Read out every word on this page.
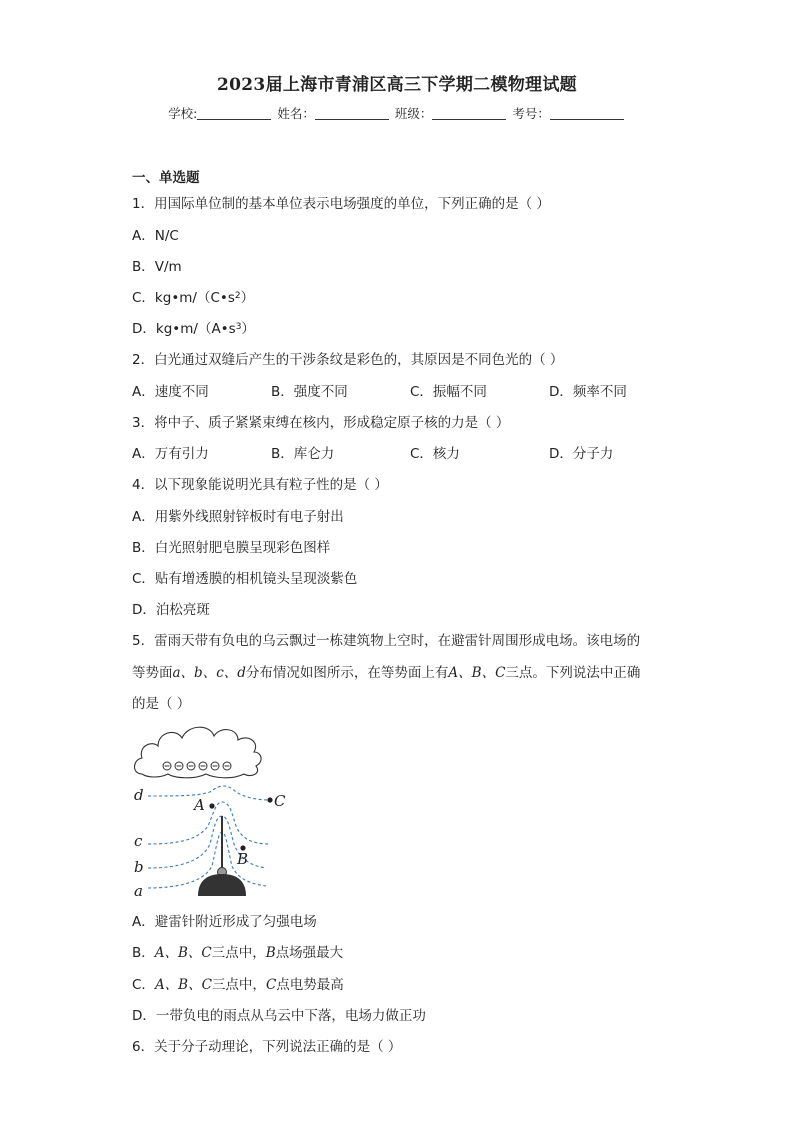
2023届上海市青浦区高三下学期二模物理试题
学校:	姓名：	班级：	考号：
一、单选题
1．用国际单位制的基本单位表示电场强度的单位，下列正确的是（ ）
A．N/C
B．V/m
C．$kg•m/(C•s^2)$
D．$kg•m/(A•s^3)$
2．白光通过双缝后产生的干涉条纹是彩色的，其原因是不同色光的（ ）
A．速度不同	B．强度不同	C．振幅不同	D．频率不同
3．将中子、质子紧紧束缚在核内，形成稳定原子核的力是（ ）
A．万有引力	B．库仑力	C．核力	D．分子力
4．以下现象能说明光具有粒子性的是（ ）
A．用紫外线照射锌板时有电子射出
B．白光照射肥皂膜呈现彩色图样
C．贴有增透膜的相机镜头呈现淡紫色
D．泊松亮斑
5．雷雨天带有负电的乌云飘过一栋建筑物上空时，在避雷针周围形成电场。该电场的
等势面a、b、c、d分布情况如图所示，在等势面上有A、B、C三点。下列说法中正确
的是（ ）
d
c
b
a
A
B
C
A．避雷针附近形成了匀强电场
B．A、B、C三点中，B点场强最大
C．A、B、C三点中，C点电势最高
D．一带负电的雨点从乌云中下落，电场力做正功
6．关于分子动理论，下列说法正确的是（ ）
